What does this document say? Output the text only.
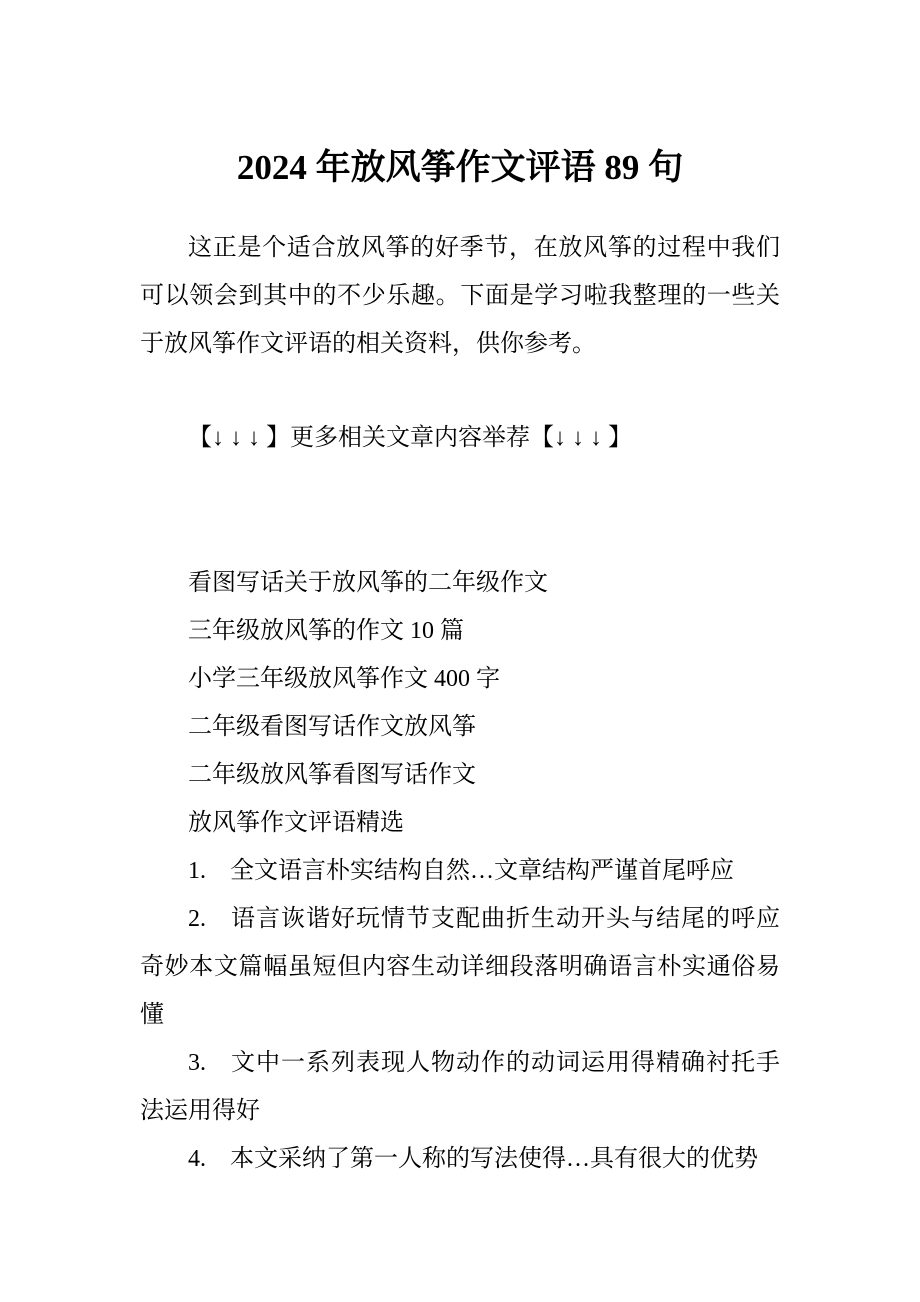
2024 年放风筝作文评语 89 句

这正是个适合放风筝的好季节，在放风筝的过程中我们可以领会到其中的不少乐趣。下面是学习啦我整理的一些关于放风筝作文评语的相关资料，供你参考。

【↓ ↓ ↓ 】更多相关文章内容举荐【↓ ↓ ↓ 】

看图写话关于放风筝的二年级作文

三年级放风筝的作文 10 篇

小学三年级放风筝作文 400 字

二年级看图写话作文放风筝

二年级放风筝看图写话作文

放风筝作文评语精选

1. 全文语言朴实结构自然…文章结构严谨首尾呼应

2. 语言诙谐好玩情节支配曲折生动开头与结尾的呼应奇妙本文篇幅虽短但内容生动详细段落明确语言朴实通俗易懂

3. 文中一系列表现人物动作的动词运用得精确衬托手法运用得好

4. 本文采纳了第一人称的写法使得…具有很大的优势
